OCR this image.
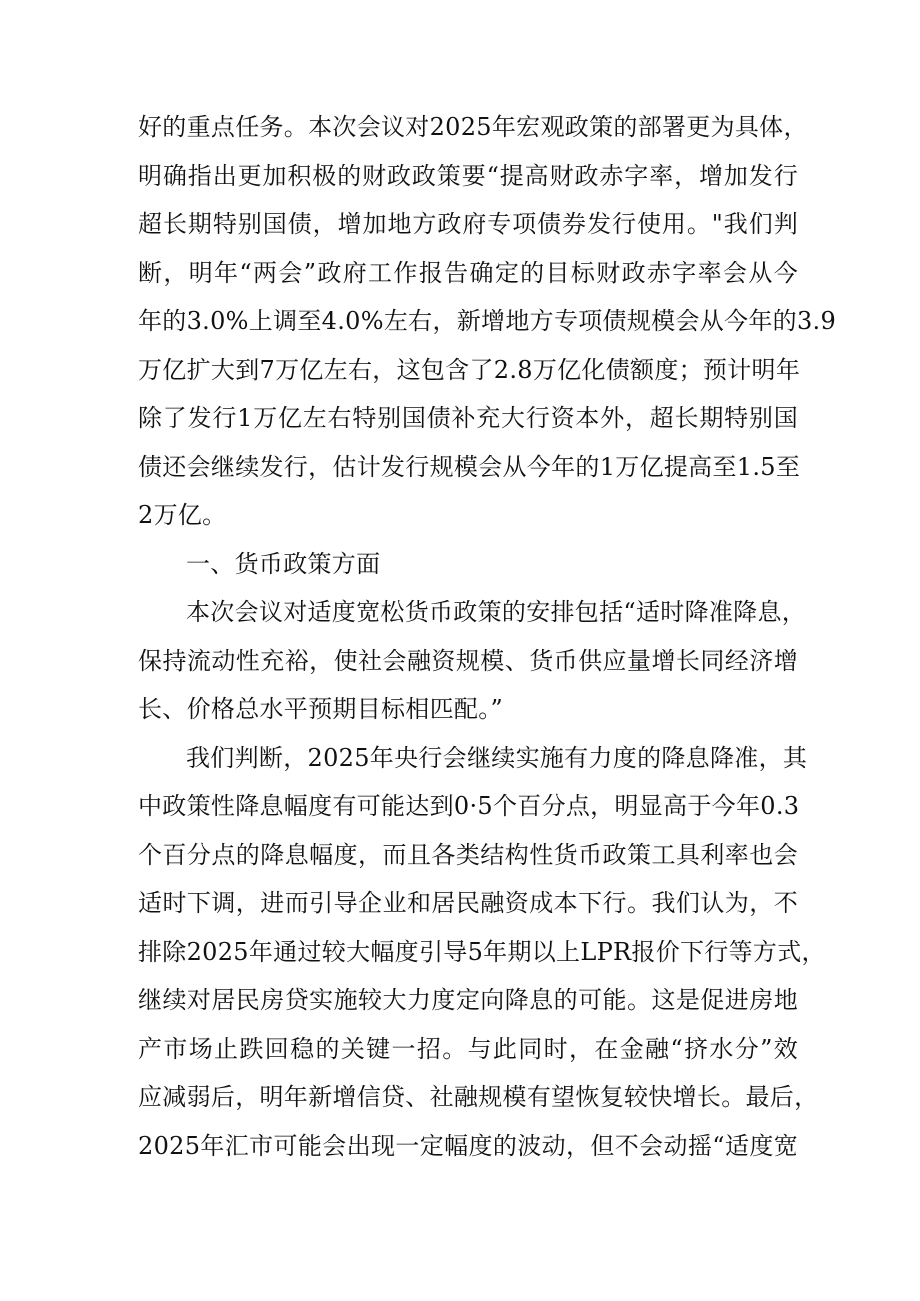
好的重点任务。本次会议对2025年宏观政策的部署更为具体，
明确指出更加积极的财政政策要“提高财政赤字率，增加发行
超长期特别国债，增加地方政府专项债券发行使用。"我们判
断，明年“两会”政府工作报告确定的目标财政赤字率会从今
年的3.0%上调至4.0%左右，新增地方专项债规模会从今年的3.9
万亿扩大到7万亿左右，这包含了2.8万亿化债额度；预计明年
除了发行1万亿左右特别国债补充大行资本外，超长期特别国
债还会继续发行，估计发行规模会从今年的1万亿提高至1.5至
2万亿。
一、货币政策方面
本次会议对适度宽松货币政策的安排包括“适时降准降息，
保持流动性充裕，使社会融资规模、货币供应量增长同经济增
长、价格总水平预期目标相匹配。”
我们判断，2025年央行会继续实施有力度的降息降准，其
中政策性降息幅度有可能达到0·5个百分点，明显高于今年0.3
个百分点的降息幅度，而且各类结构性货币政策工具利率也会
适时下调，进而引导企业和居民融资成本下行。我们认为，不
排除2025年通过较大幅度引导5年期以上LPR报价下行等方式，
继续对居民房贷实施较大力度定向降息的可能。这是促进房地
产市场止跌回稳的关键一招。与此同时，在金融“挤水分”效
应减弱后，明年新增信贷、社融规模有望恢复较快增长。最后，
2025年汇市可能会出现一定幅度的波动，但不会动摇“适度宽
